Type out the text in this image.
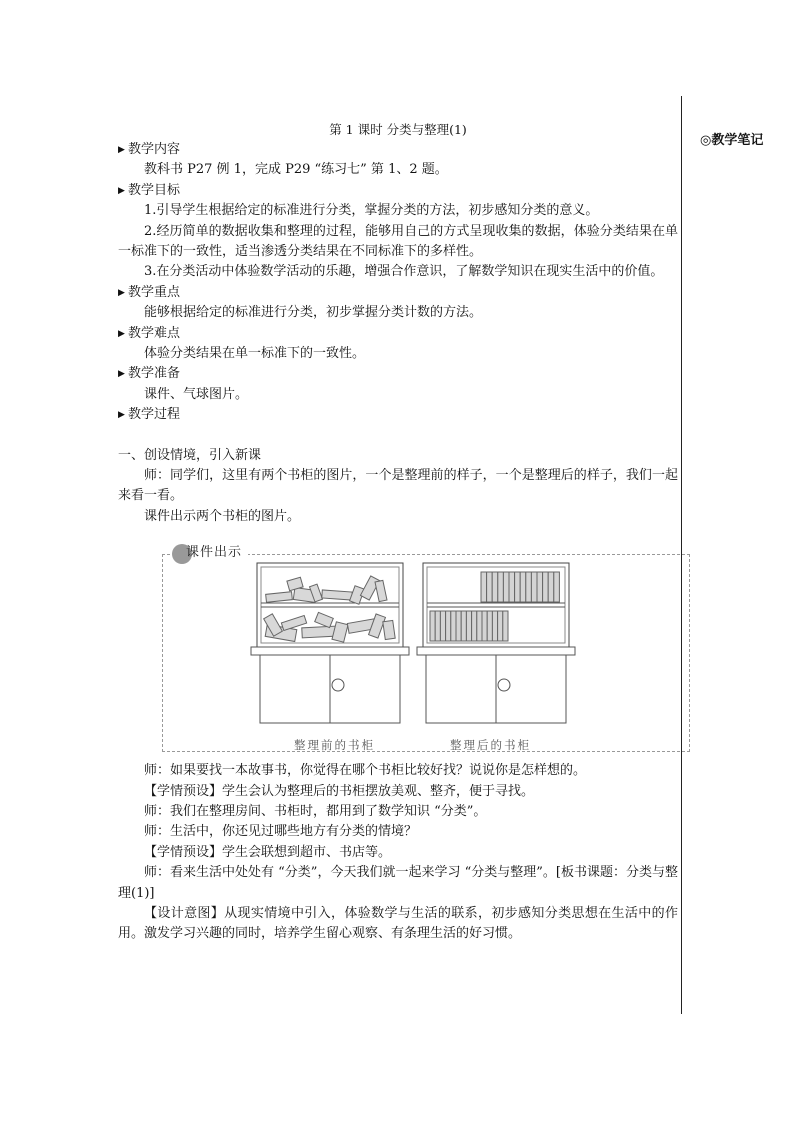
◎教学笔记
第 1 课时 分类与整理(1)
▶ 教学内容
教科书 P27 例 1，完成 P29 “练习七” 第 1、2 题。
▶ 教学目标
1.引导学生根据给定的标准进行分类，掌握分类的方法，初步感知分类的意义。
2.经历简单的数据收集和整理的过程，能够用自己的方式呈现收集的数据，体验分类结果在单一标准下的一致性，适当渗透分类结果在不同标准下的多样性。
3.在分类活动中体验数学活动的乐趣，增强合作意识，了解数学知识在现实生活中的价值。
▶ 教学重点
能够根据给定的标准进行分类，初步掌握分类计数的方法。
▶ 教学难点
体验分类结果在单一标准下的一致性。
▶ 教学准备
课件、气球图片。
▶ 教学过程
一、创设情境，引入新课
师：同学们，这里有两个书柜的图片，一个是整理前的样子，一个是整理后的样子，我们一起来看一看。
课件出示两个书柜的图片。
课件出示
整理前的书柜	整理后的书柜
师：如果要找一本故事书，你觉得在哪个书柜比较好找？说说你是怎样想的。
【学情预设】学生会认为整理后的书柜摆放美观、整齐，便于寻找。
师：我们在整理房间、书柜时，都用到了数学知识 “分类”。
师：生活中，你还见过哪些地方有分类的情境？
【学情预设】学生会联想到超市、书店等。
师：看来生活中处处有 “分类”，今天我们就一起来学习 “分类与整理”。[板书课题：分类与整理(1)]
【设计意图】从现实情境中引入，体验数学与生活的联系，初步感知分类思想在生活中的作用。激发学习兴趣的同时，培养学生留心观察、有条理生活的好习惯。
